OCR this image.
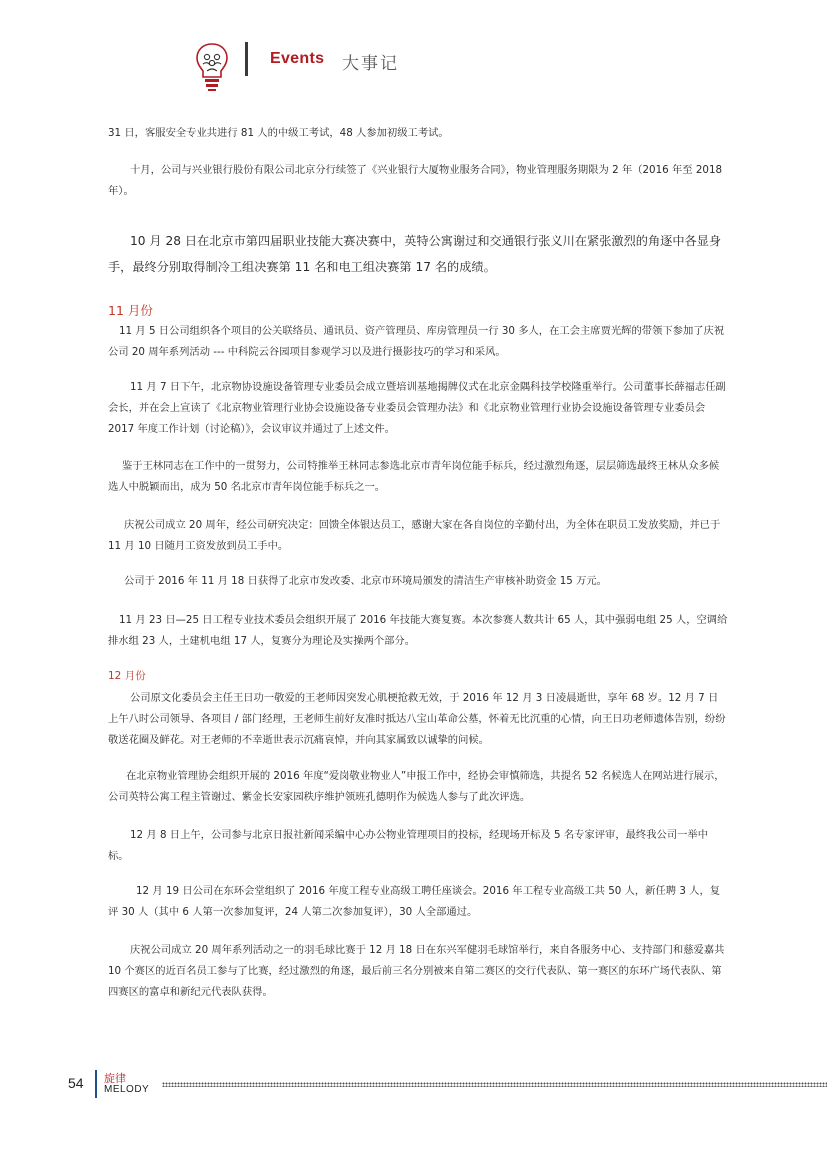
Events 大事记

31 日，客服安全专业共进行 81 人的中级工考试，48 人参加初级工考试。

十月，公司与兴业银行股份有限公司北京分行续签了《兴业银行大厦物业服务合同》，物业管理服务期限为 2 年（2016 年至 2018 年）。

10 月 28 日在北京市第四届职业技能大赛决赛中，英特公寓谢过和交通银行张义川在紧张激烈的角逐中各显身手，最终分别取得制冷工组决赛第 11 名和电工组决赛第 17 名的成绩。

11 月份

11 月 5 日公司组织各个项目的公关联络员、通讯员、资产管理员、库房管理员一行 30 多人，在工会主席贾光辉的带领下参加了庆祝公司 20 周年系列活动 --- 中科院云谷园项目参观学习以及进行摄影技巧的学习和采风。

11 月 7 日下午，北京物协设施设备管理专业委员会成立暨培训基地揭牌仪式在北京金隅科技学校隆重举行。公司董事长薛福志任副会长，并在会上宣读了《北京物业管理行业协会设施设备专业委员会管理办法》和《北京物业管理行业协会设施设备管理专业委员会 2017 年度工作计划（讨论稿）》，会议审议并通过了上述文件。

鉴于王林同志在工作中的一贯努力，公司特推举王林同志参选北京市青年岗位能手标兵，经过激烈角逐，层层筛选最终王林从众多候选人中脱颖而出，成为 50 名北京市青年岗位能手标兵之一。

庆祝公司成立 20 周年，经公司研究决定：回馈全体银达员工，感谢大家在各自岗位的辛勤付出，为全体在职员工发放奖励，并已于 11 月 10 日随月工资发放到员工手中。

公司于 2016 年 11 月 18 日获得了北京市发改委、北京市环境局颁发的清洁生产审核补助资金 15 万元。

11 月 23 日—25 日工程专业技术委员会组织开展了 2016 年技能大赛复赛。本次参赛人数共计 65 人，其中强弱电组 25 人，空调给排水组 23 人，土建机电组 17 人，复赛分为理论及实操两个部分。

12 月份

公司原文化委员会主任王日功一敬爱的王老师因突发心肌梗抢救无效，于 2016 年 12 月 3 日凌晨逝世，享年 68 岁。12 月 7 日上午八时公司领导、各项目 / 部门经理，王老师生前好友准时抵达八宝山革命公墓，怀着无比沉重的心情，向王日功老师遗体告别，纷纷敬送花圈及鲜花。对王老师的不幸逝世表示沉痛哀悼，并向其家属致以诚挚的问候。

在北京物业管理协会组织开展的 2016 年度“爱岗敬业物业人”申报工作中，经协会审慎筛选，共提名 52 名候选人在网站进行展示，公司英特公寓工程主管谢过、紫金长安家园秩序维护领班孔德明作为候选人参与了此次评选。

12 月 8 日上午，公司参与北京日报社新闻采编中心办公物业管理项目的投标，经现场开标及 5 名专家评审，最终我公司一举中标。

12 月 19 日公司在东环会堂组织了 2016 年度工程专业高级工聘任座谈会。2016 年工程专业高级工共 50 人，新任聘 3 人，复评 30 人（其中 6 人第一次参加复评，24 人第二次参加复评），30 人全部通过。

庆祝公司成立 20 周年系列活动之一的羽毛球比赛于 12 月 18 日在东兴军健羽毛球馆举行，来自各服务中心、支持部门和慈爱嘉共 10 个赛区的近百名员工参与了比赛，经过激烈的角逐，最后前三名分别被来自第二赛区的交行代表队、第一赛区的东环广场代表队、第四赛区的富卓和新纪元代表队获得。

54 旋律
MELODY
